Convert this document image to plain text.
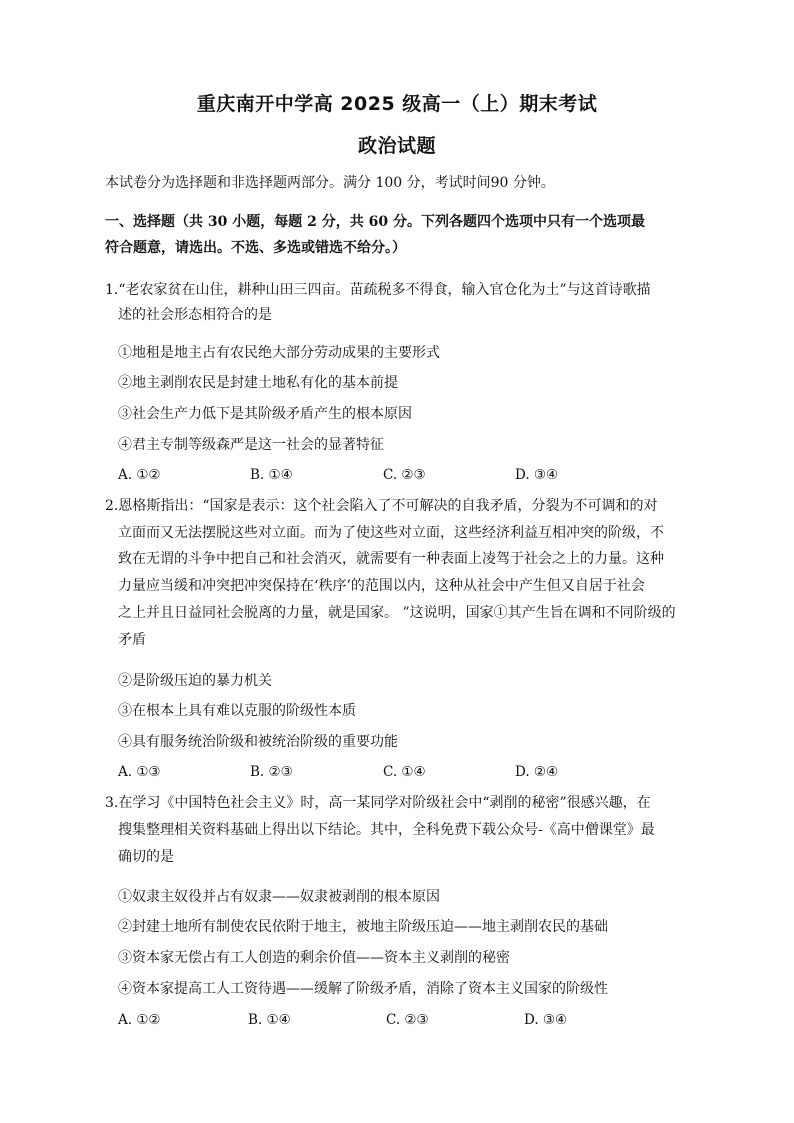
重庆南开中学高 2025 级高一（上）期末考试
政治试题
本试卷分为选择题和非选择题两部分。满分 100 分，考试时间90 分钟。
一、选择题（共 30 小题，每题 2 分，共 60 分。下列各题四个选项中只有一个选项最
符合题意，请选出。不选、多选或错选不给分。）
1.“老农家贫在山住，耕种山田三四亩。苗疏税多不得食，输入官仓化为土”与这首诗歌描
述的社会形态相符合的是
①地租是地主占有农民绝大部分劳动成果的主要形式
②地主剥削农民是封建土地私有化的基本前提
③社会生产力低下是其阶级矛盾产生的根本原因
④君主专制等级森严是这一社会的显著特征
A. ①②	B. ①④	C. ②③	D. ③④
2.恩格斯指出：“国家是表示：这个社会陷入了不可解决的自我矛盾，分裂为不可调和的对
立面而又无法摆脱这些对立面。而为了使这些对立面，这些经济利益互相冲突的阶级，不
致在无谓的斗争中把自己和社会消灭，就需要有一种表面上凌驾于社会之上的力量。这种
力量应当缓和冲突把冲突保持在‘秩序’的范围以内，这种从社会中产生但又自居于社会
之上并且日益同社会脱离的力量，就是国家。 ”这说明，国家①其产生旨在调和不同阶级的
矛盾
②是阶级压迫的暴力机关
③在根本上具有难以克服的阶级性本质
④具有服务统治阶级和被统治阶级的重要功能
A. ①③	B. ②③	C. ①④	D. ②④
3.在学习《中国特色社会主义》时，高一某同学对阶级社会中“剥削的秘密”很感兴趣，在
搜集整理相关资料基础上得出以下结论。其中，全科免费下载公众号-《高中僧课堂》最
确切的是
①奴隶主奴役并占有奴隶——奴隶被剥削的根本原因
②封建土地所有制使农民依附于地主，被地主阶级压迫——地主剥削农民的基础
③资本家无偿占有工人创造的剩余价值——资本主义剥削的秘密
④资本家提高工人工资待遇——缓解了阶级矛盾，消除了资本主义国家的阶级性
A. ①②	B. ①④	C. ②③	D. ③④
